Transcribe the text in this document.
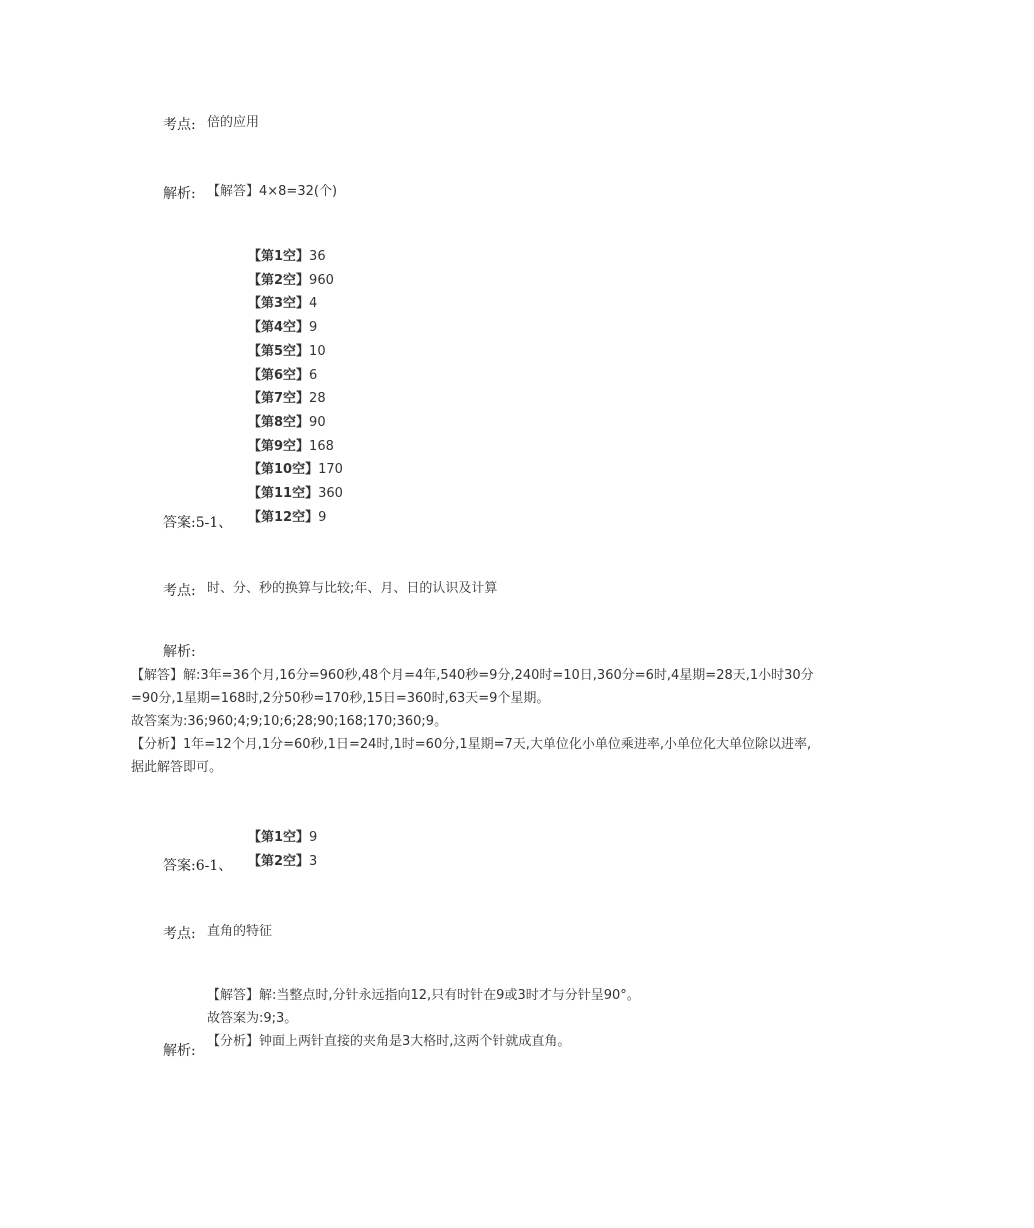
考点: 倍的应用
解析: 【解答】4×8=32(个)
【第1空】36
【第2空】960
【第3空】4
【第4空】9
【第5空】10
【第6空】6
【第7空】28
【第8空】90
【第9空】168
【第10空】170
【第11空】360
【第12空】9
答案:5-1、
考点: 时、分、秒的换算与比较;年、月、日的认识及计算
解析:
【解答】解:3年=36个月,16分=960秒,48个月=4年,540秒=9分,240时=10日,360分=6时,4星期=28天,1小时30分
=90分,1星期=168时,2分50秒=170秒,15日=360时,63天=9个星期。
故答案为:36;960;4;9;10;6;28;90;168;170;360;9。
【分析】1年=12个月,1分=60秒,1日=24时,1时=60分,1星期=7天,大单位化小单位乘进率,小单位化大单位除以进率,
据此解答即可。
【第1空】9
【第2空】3
答案:6-1、
考点: 直角的特征
【解答】解:当整点时,分针永远指向12,只有时针在9或3时才与分针呈90°。
故答案为:9;3。
【分析】钟面上两针直接的夹角是3大格时,这两个针就成直角。
解析:
